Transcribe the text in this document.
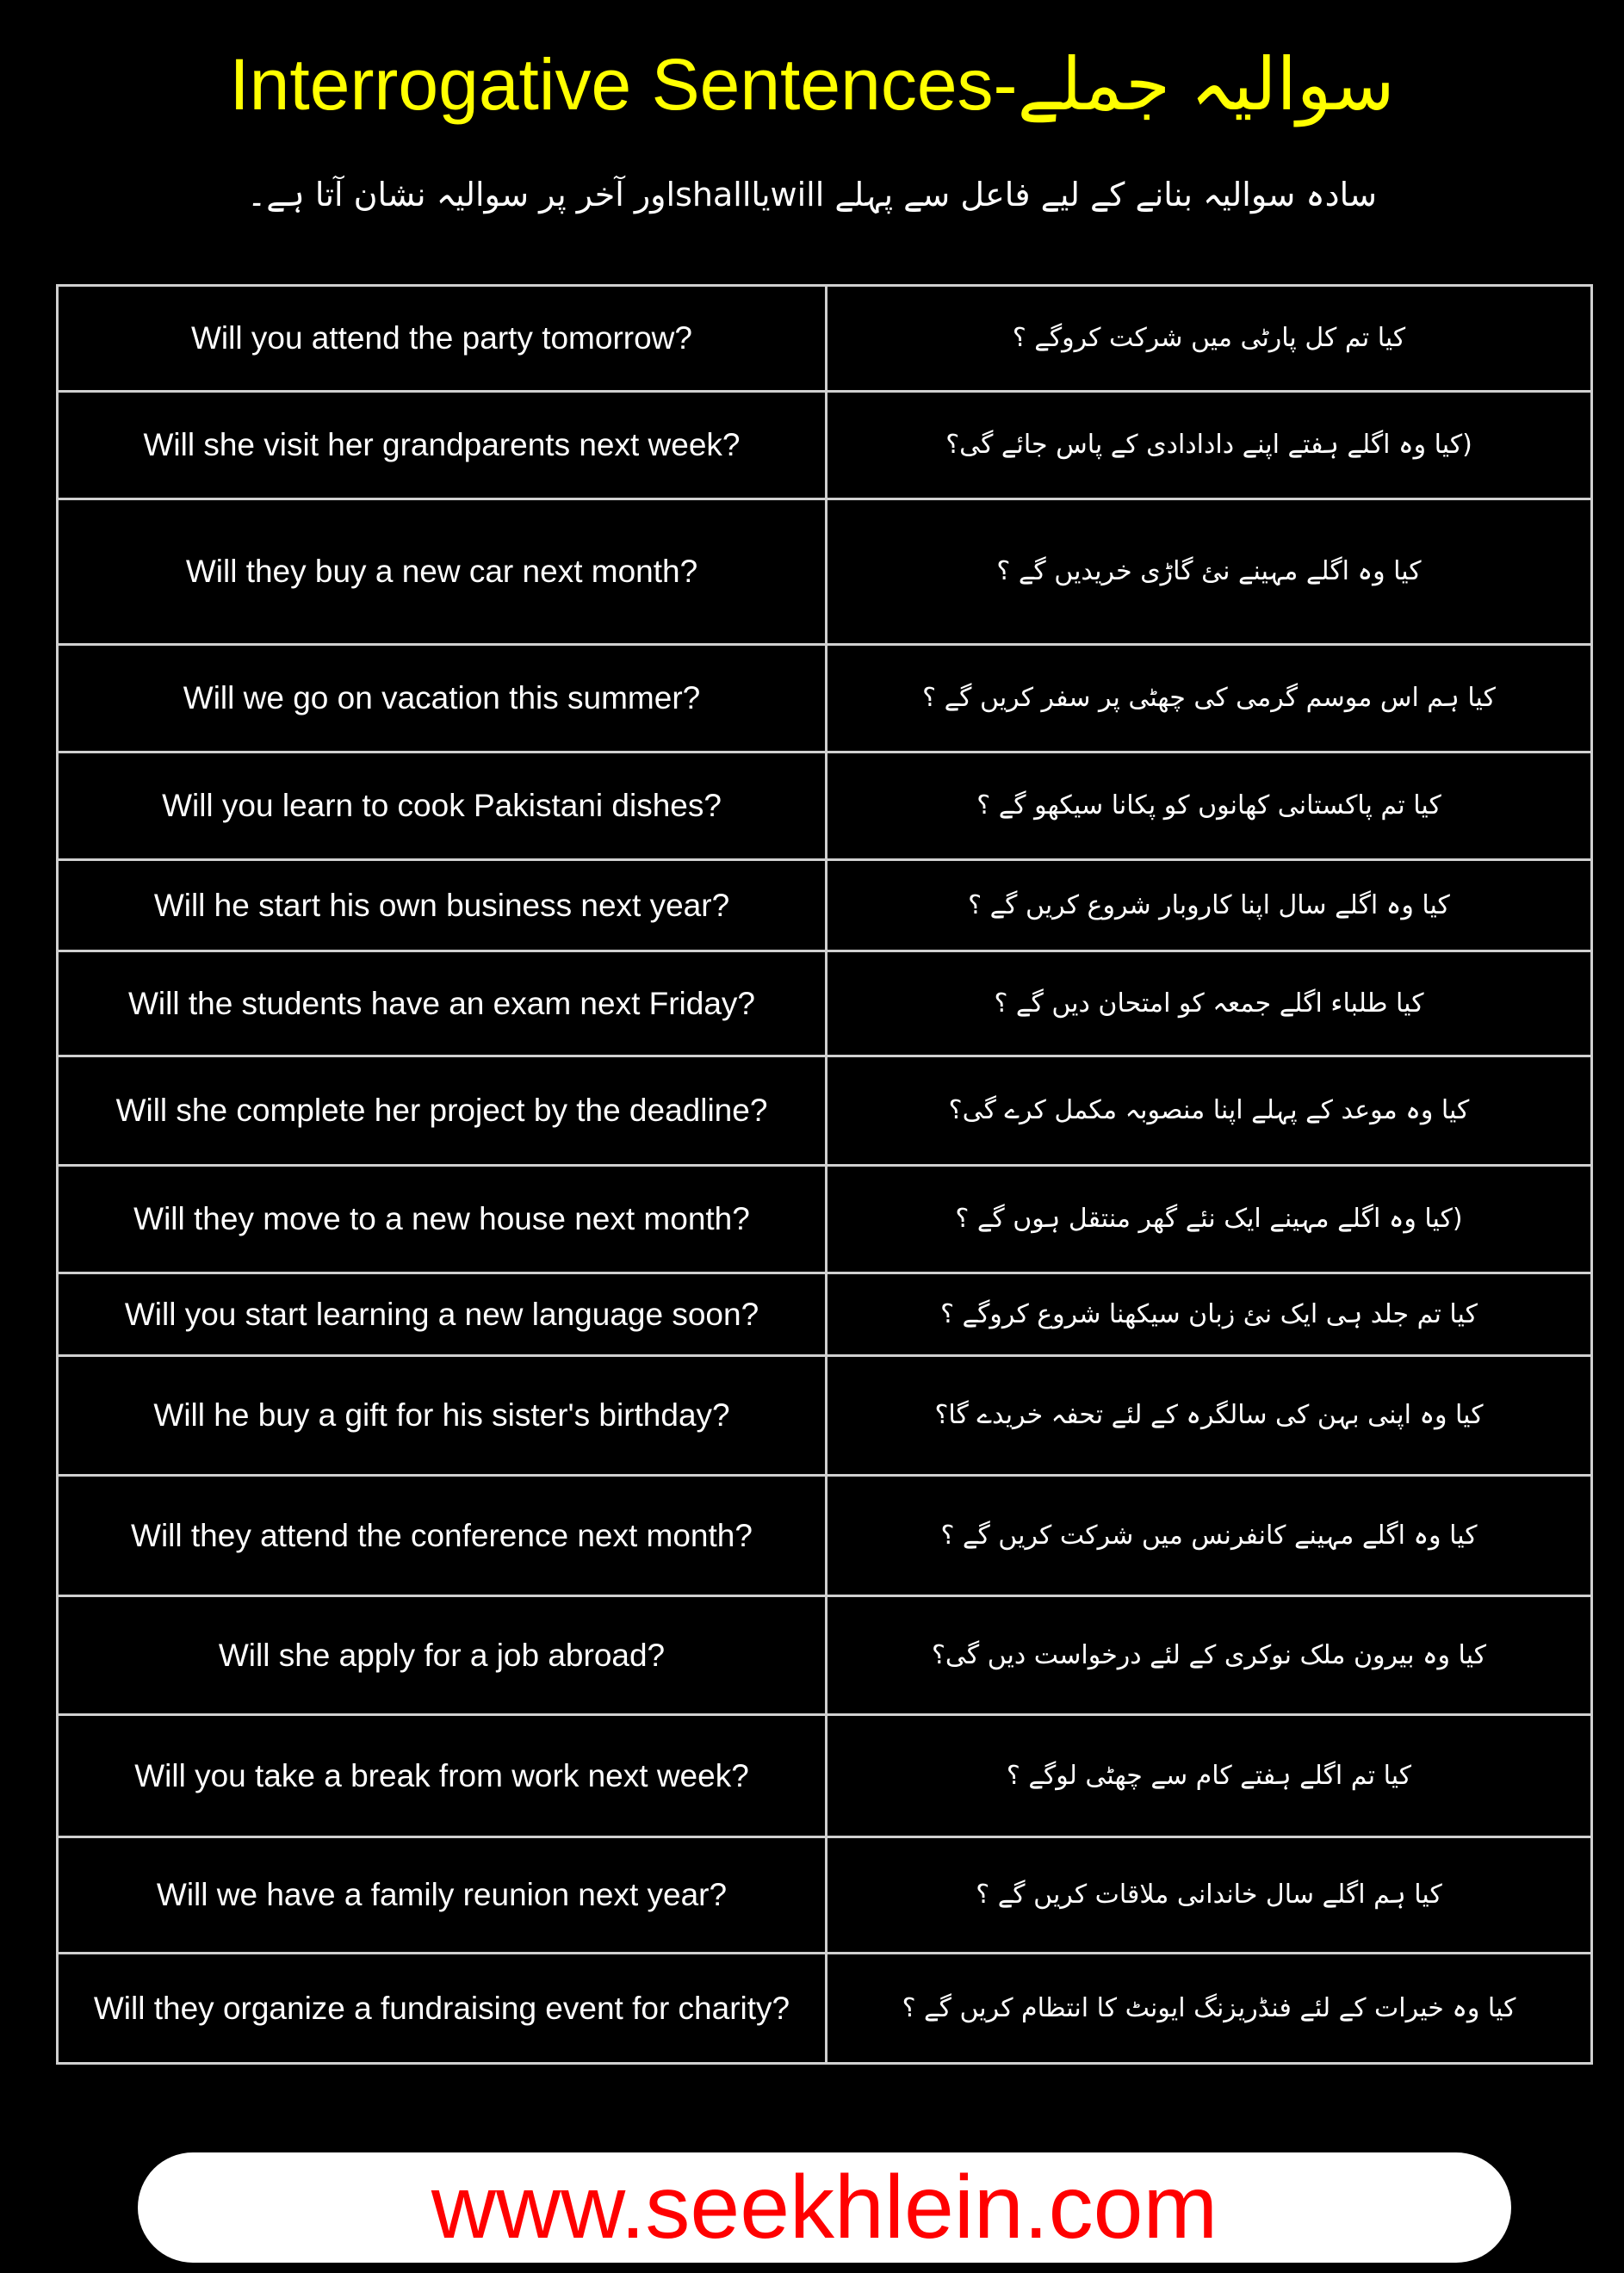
Interrogative Sentences-سوالیہ جملے
سادہ سوالیہ بنانے کے لیے فاعل سے پہلے willیاshallاور آخر پر سوالیہ نشان آتا ہے۔
Will you attend the party tomorrow?	کیا تم کل پارٹی میں شرکت کروگے ؟
Will she visit her grandparents next week?	(کیا وہ اگلے ہفتے اپنے دادادادی کے پاس جائے گی؟
Will they buy a new car next month?	کیا وہ اگلے مہینے نئ گاڑی خریدیں گے ؟
Will we go on vacation this summer?	کیا ہم اس موسم گرمی کی چھٹی پر سفر کریں گے ؟
Will you learn to cook Pakistani dishes?	کیا تم پاکستانی کھانوں کو پکانا سیکھو گے ؟
Will he start his own business next year?	کیا وہ اگلے سال اپنا کاروبار شروع کریں گے ؟
Will the students have an exam next Friday?	کیا طلباء اگلے جمعہ کو امتحان دیں گے ؟
Will she complete her project by the deadline?	کیا وہ موعد کے پہلے اپنا منصوبہ مکمل کرے گی؟
Will they move to a new house next month?	(کیا وہ اگلے مہینے ایک نئے گھر منتقل ہوں گے ؟
Will you start learning a new language soon?	کیا تم جلد ہی ایک نئ زبان سیکھنا شروع کروگے ؟
Will he buy a gift for his sister's birthday?	کیا وہ اپنی بہن کی سالگرہ کے لئے تحفہ خریدے گا؟
Will they attend the conference next month?	کیا وہ اگلے مہینے کانفرنس میں شرکت کریں گے ؟
Will she apply for a job abroad?	کیا وہ بیرون ملک نوکری کے لئے درخواست دیں گی؟
Will you take a break from work next week?	کیا تم اگلے ہفتے کام سے چھٹی لوگے ؟
Will we have a family reunion next year?	کیا ہم اگلے سال خاندانی ملاقات کریں گے ؟
Will they organize a fundraising event for charity?	کیا وہ خیرات کے لئے فنڈریزنگ ایونٹ کا انتظام کریں گے ؟
www.seekhlein.com
